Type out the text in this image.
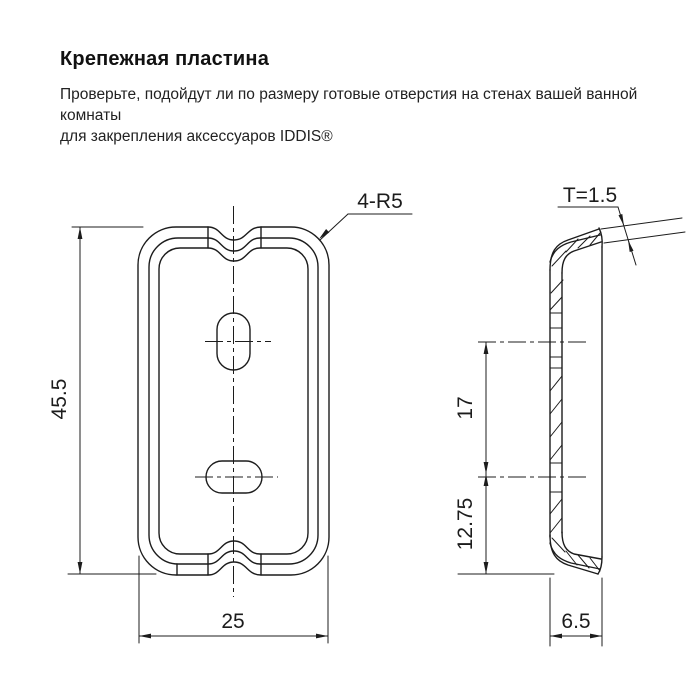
Крепежная пластина
Проверьте, подойдут ли по размеру готовые отверстия на стенах вашей ванной комнаты
для закрепления аксессуаров IDDIS®
45.5
25
4-R5	T=1.5
17
12.75
6.5
